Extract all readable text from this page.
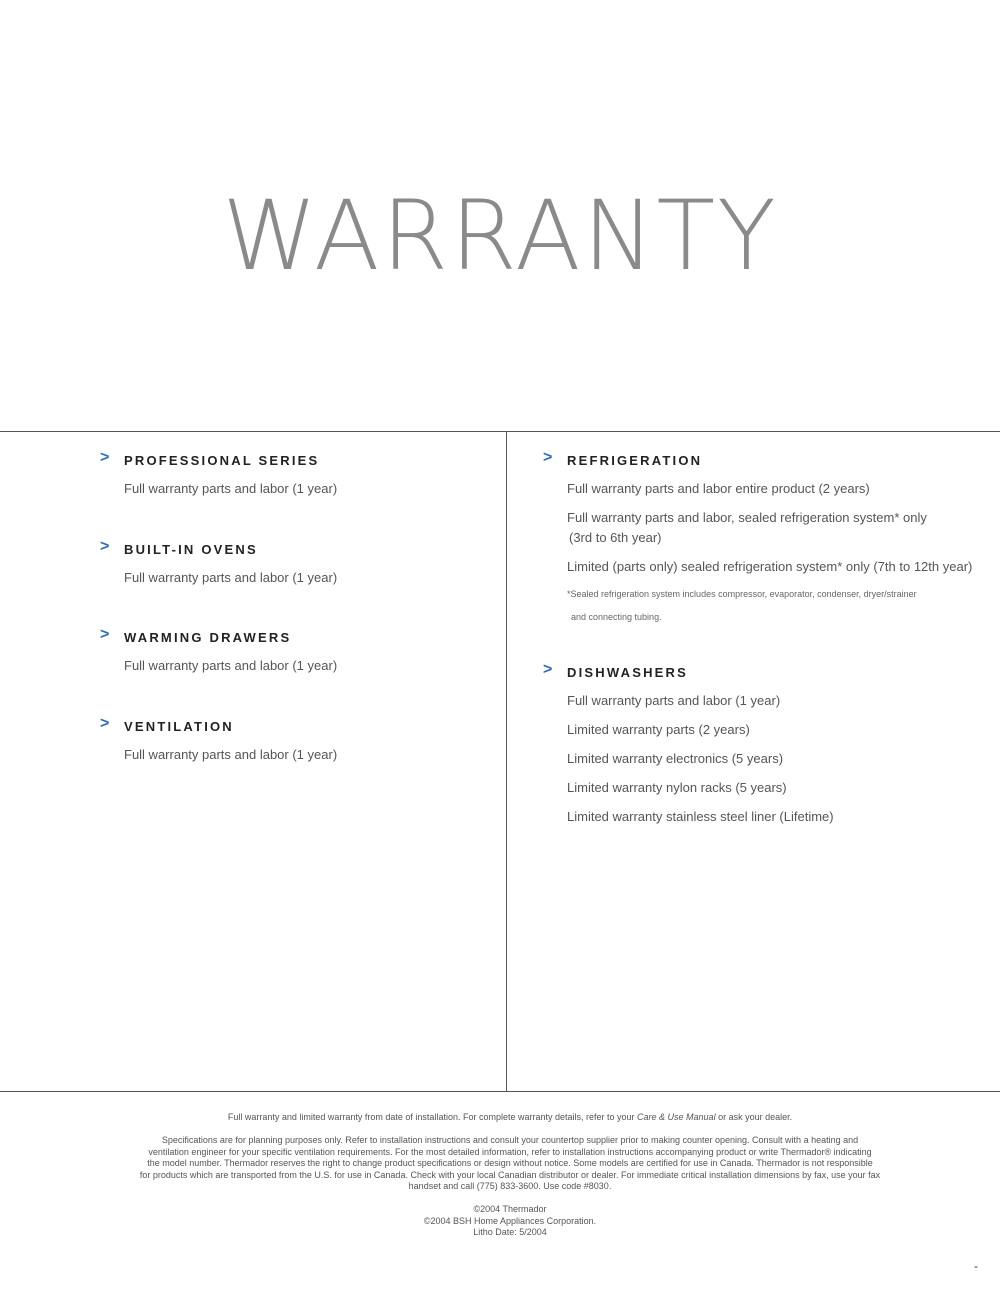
WARRANTY
>	PROFESSIONAL SERIES
Full warranty parts and labor (1 year)
>	BUILT-IN OVENS
Full warranty parts and labor (1 year)
>	WARMING DRAWERS
Full warranty parts and labor (1 year)
>	VENTILATION
Full warranty parts and labor (1 year)
>	REFRIGERATION
Full warranty parts and labor entire product (2 years)
Full warranty parts and labor, sealed refrigeration system* only
(3rd to 6th year)
Limited (parts only) sealed refrigeration system* only (7th to 12th year)
*Sealed refrigeration system includes compressor, evaporator, condenser, dryer/strainer
and connecting tubing.
>	DISHWASHERS
Full warranty parts and labor (1 year)
Limited warranty parts (2 years)
Limited warranty electronics (5 years)
Limited warranty nylon racks (5 years)
Limited warranty stainless steel liner (Lifetime)
Full warranty and limited warranty from date of installation. For complete warranty details, refer to your Care & Use Manual or ask your dealer.
Specifications are for planning purposes only. Refer to installation instructions and consult your countertop supplier prior to making counter opening. Consult with a heating and
ventilation engineer for your specific ventilation requirements. For the most detailed information, refer to installation instructions accompanying product or write Thermador® indicating
the model number. Thermador reserves the right to change product specifications or design without notice. Some models are certified for use in Canada. Thermador is not responsible
for products which are transported from the U.S. for use in Canada. Check with your local Canadian distributor or dealer. For immediate critical installation dimensions by fax, use your fax
handset and call (775) 833-3600. Use code #8030.
©2004 Thermador
©2004 BSH Home Appliances Corporation.
Litho Date: 5/2004
-
